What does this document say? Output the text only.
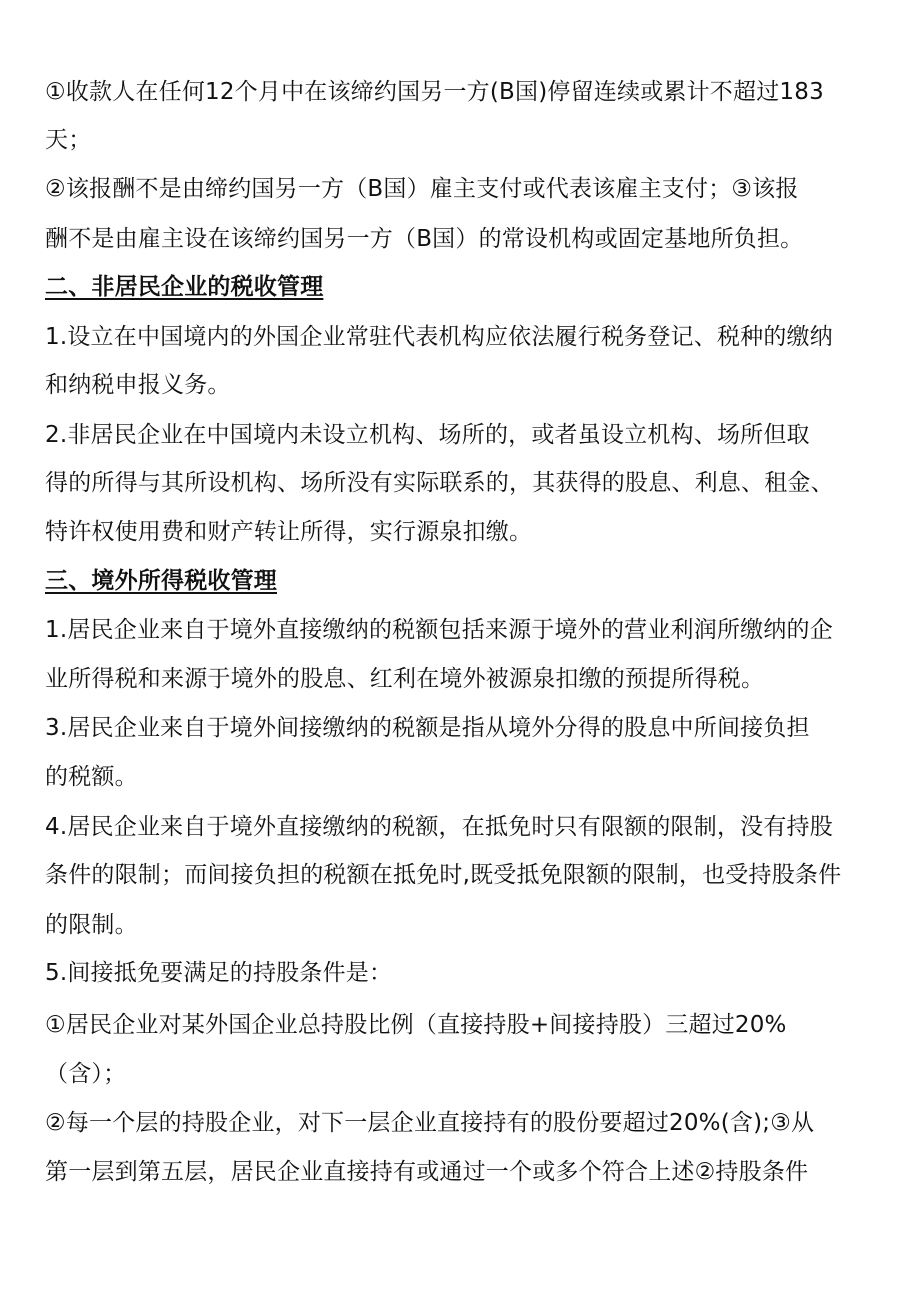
①收款人在任何12个月中在该缔约国另一方(B国)停留连续或累计不超过183
天；
②该报酬不是由缔约国另一方（B国）雇主支付或代表该雇主支付；③该报
酬不是由雇主设在该缔约国另一方（B国）的常设机构或固定基地所负担。
二、非居民企业的税收管理
1.设立在中国境内的外国企业常驻代表机构应依法履行税务登记、税种的缴纳
和纳税申报义务。
2.非居民企业在中国境内未设立机构、场所的，或者虽设立机构、场所但取
得的所得与其所设机构、场所没有实际联系的，其获得的股息、利息、租金、
特许权使用费和财产转让所得，实行源泉扣缴。
三、境外所得税收管理
1.居民企业来自于境外直接缴纳的税额包括来源于境外的营业利润所缴纳的企
业所得税和来源于境外的股息、红利在境外被源泉扣缴的预提所得税。
3.居民企业来自于境外间接缴纳的税额是指从境外分得的股息中所间接负担
的税额。
4.居民企业来自于境外直接缴纳的税额，在抵免时只有限额的限制，没有持股
条件的限制；而间接负担的税额在抵免时,既受抵免限额的限制，也受持股条件
的限制。
5.间接抵免要满足的持股条件是：
①居民企业对某外国企业总持股比例（直接持股+间接持股）三超过20%
（含）；
②每一个层的持股企业，对下一层企业直接持有的股份要超过20%(含);③从
第一层到第五层，居民企业直接持有或通过一个或多个符合上述②持股条件
